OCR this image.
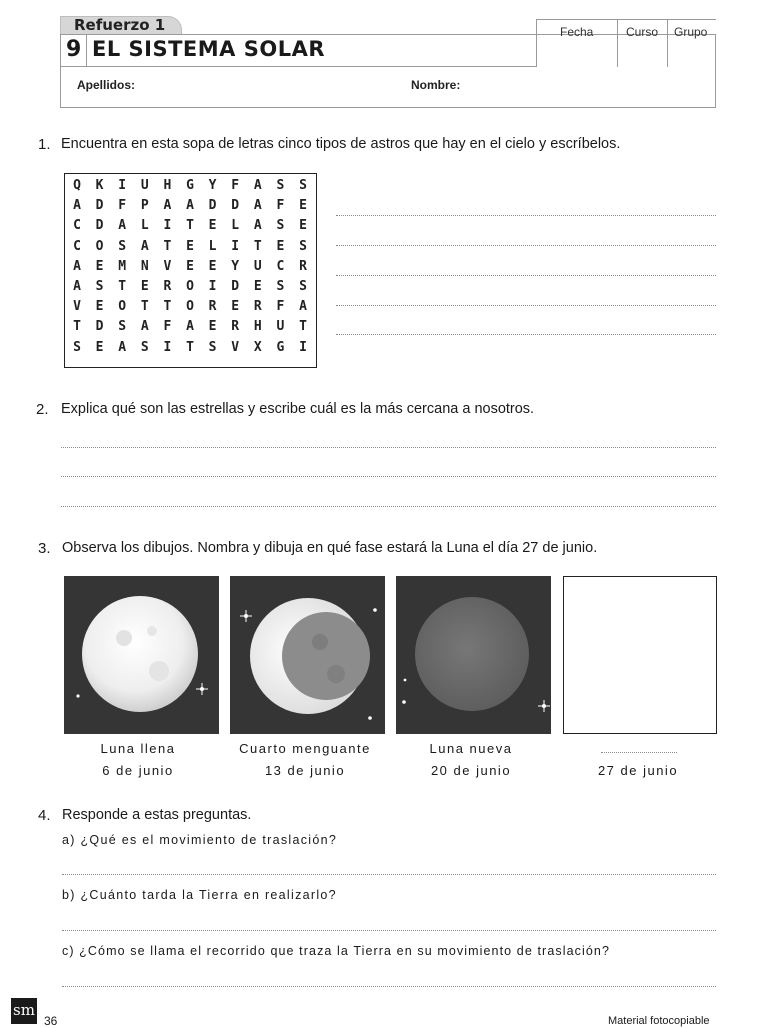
Refuerzo 1
9 EL SISTEMA SOLAR
Fecha	Curso Grupo
Apellidos:	Nombre:
1. Encuentra en esta sopa de letras cinco tipos de astros que hay en el cielo y escríbelos.
Q	K	I	U	H	G	Y	F	A	S	S
A	D	F	P	A	A	D	D	A	F	E
C	D	A	L	I	T	E	L	A	S	E
C	O	S	A	T	E	L	I	T	E	S
A	E	M	N	V	E	E	Y	U	C	R
A	S	T	E	R	O	I	D	E	S	S
V	E	O	T	T	O	R	E	R	F	A
T	D	S	A	F	A	E	R	H	U	T
S	E	A	S	I	T	S	V	X	G	I
2. Explica qué son las estrellas y escribe cuál es la más cercana a nosotros.
3. Observa los dibujos. Nombra y dibuja en qué fase estará la Luna el día 27 de junio.
Luna llena
6 de junio
Cuarto menguante
13 de junio
Luna nueva
20 de junio	27 de junio
4. Responde a estas preguntas.
a) ¿Qué es el movimiento de traslación?
b) ¿Cuánto tarda la Tierra en realizarlo?
c) ¿Cómo se llama el recorrido que traza la Tierra en su movimiento de traslación?
sm
36	Material fotocopiable
